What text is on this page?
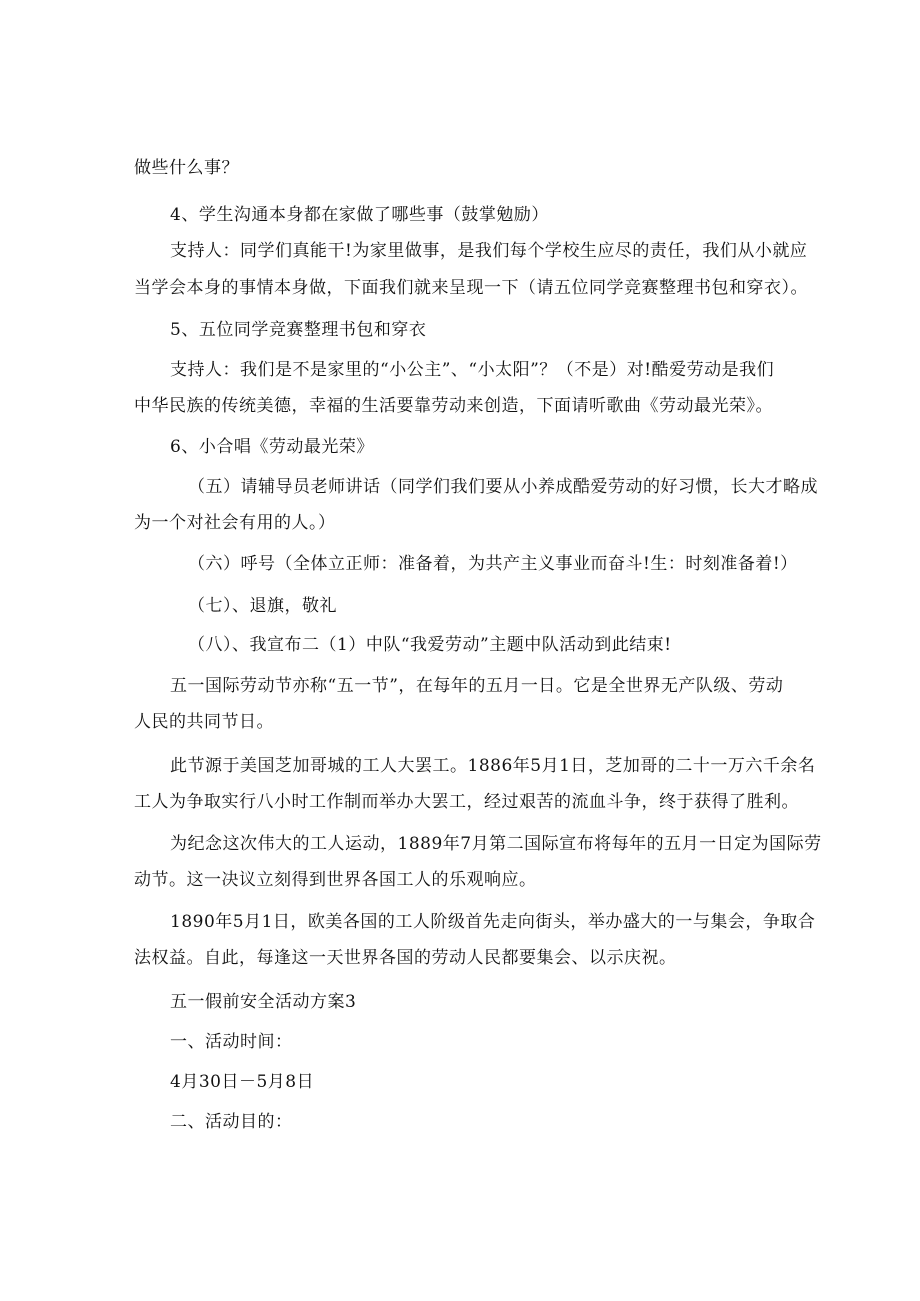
做些什么事？
4、学生沟通本身都在家做了哪些事（鼓掌勉励）
支持人：同学们真能干!为家里做事，是我们每个学校生应尽的责任，我们从小就应
当学会本身的事情本身做，下面我们就来呈现一下（请五位同学竞赛整理书包和穿衣）。
5、五位同学竞赛整理书包和穿衣
支持人：我们是不是家里的“小公主”、“小太阳”？（不是）对!酷爱劳动是我们
中华民族的传统美德，幸福的生活要靠劳动来创造，下面请听歌曲《劳动最光荣》。
6、小合唱《劳动最光荣》
（五）请辅导员老师讲话（同学们我们要从小养成酷爱劳动的好习惯，长大才略成
为一个对社会有用的人。）
（六）呼号（全体立正师：准备着，为共产主义事业而奋斗!生：时刻准备着!）
（七）、退旗，敬礼
（八）、我宣布二（1）中队“我爱劳动”主题中队活动到此结束!
五一国际劳动节亦称“五一节”，在每年的五月一日。它是全世界无产队级、劳动
人民的共同节日。
此节源于美国芝加哥城的工人大罢工。1886年5月1日，芝加哥的二十一万六千余名
工人为争取实行八小时工作制而举办大罢工，经过艰苦的流血斗争，终于获得了胜利。
为纪念这次伟大的工人运动，1889年7月第二国际宣布将每年的五月一日定为国际劳
动节。这一决议立刻得到世界各国工人的乐观响应。
1890年5月1日，欧美各国的工人阶级首先走向街头，举办盛大的一与集会，争取合
法权益。自此，每逢这一天世界各国的劳动人民都要集会、以示庆祝。
五一假前安全活动方案3
一、活动时间：
4月30日－5月8日
二、活动目的：
